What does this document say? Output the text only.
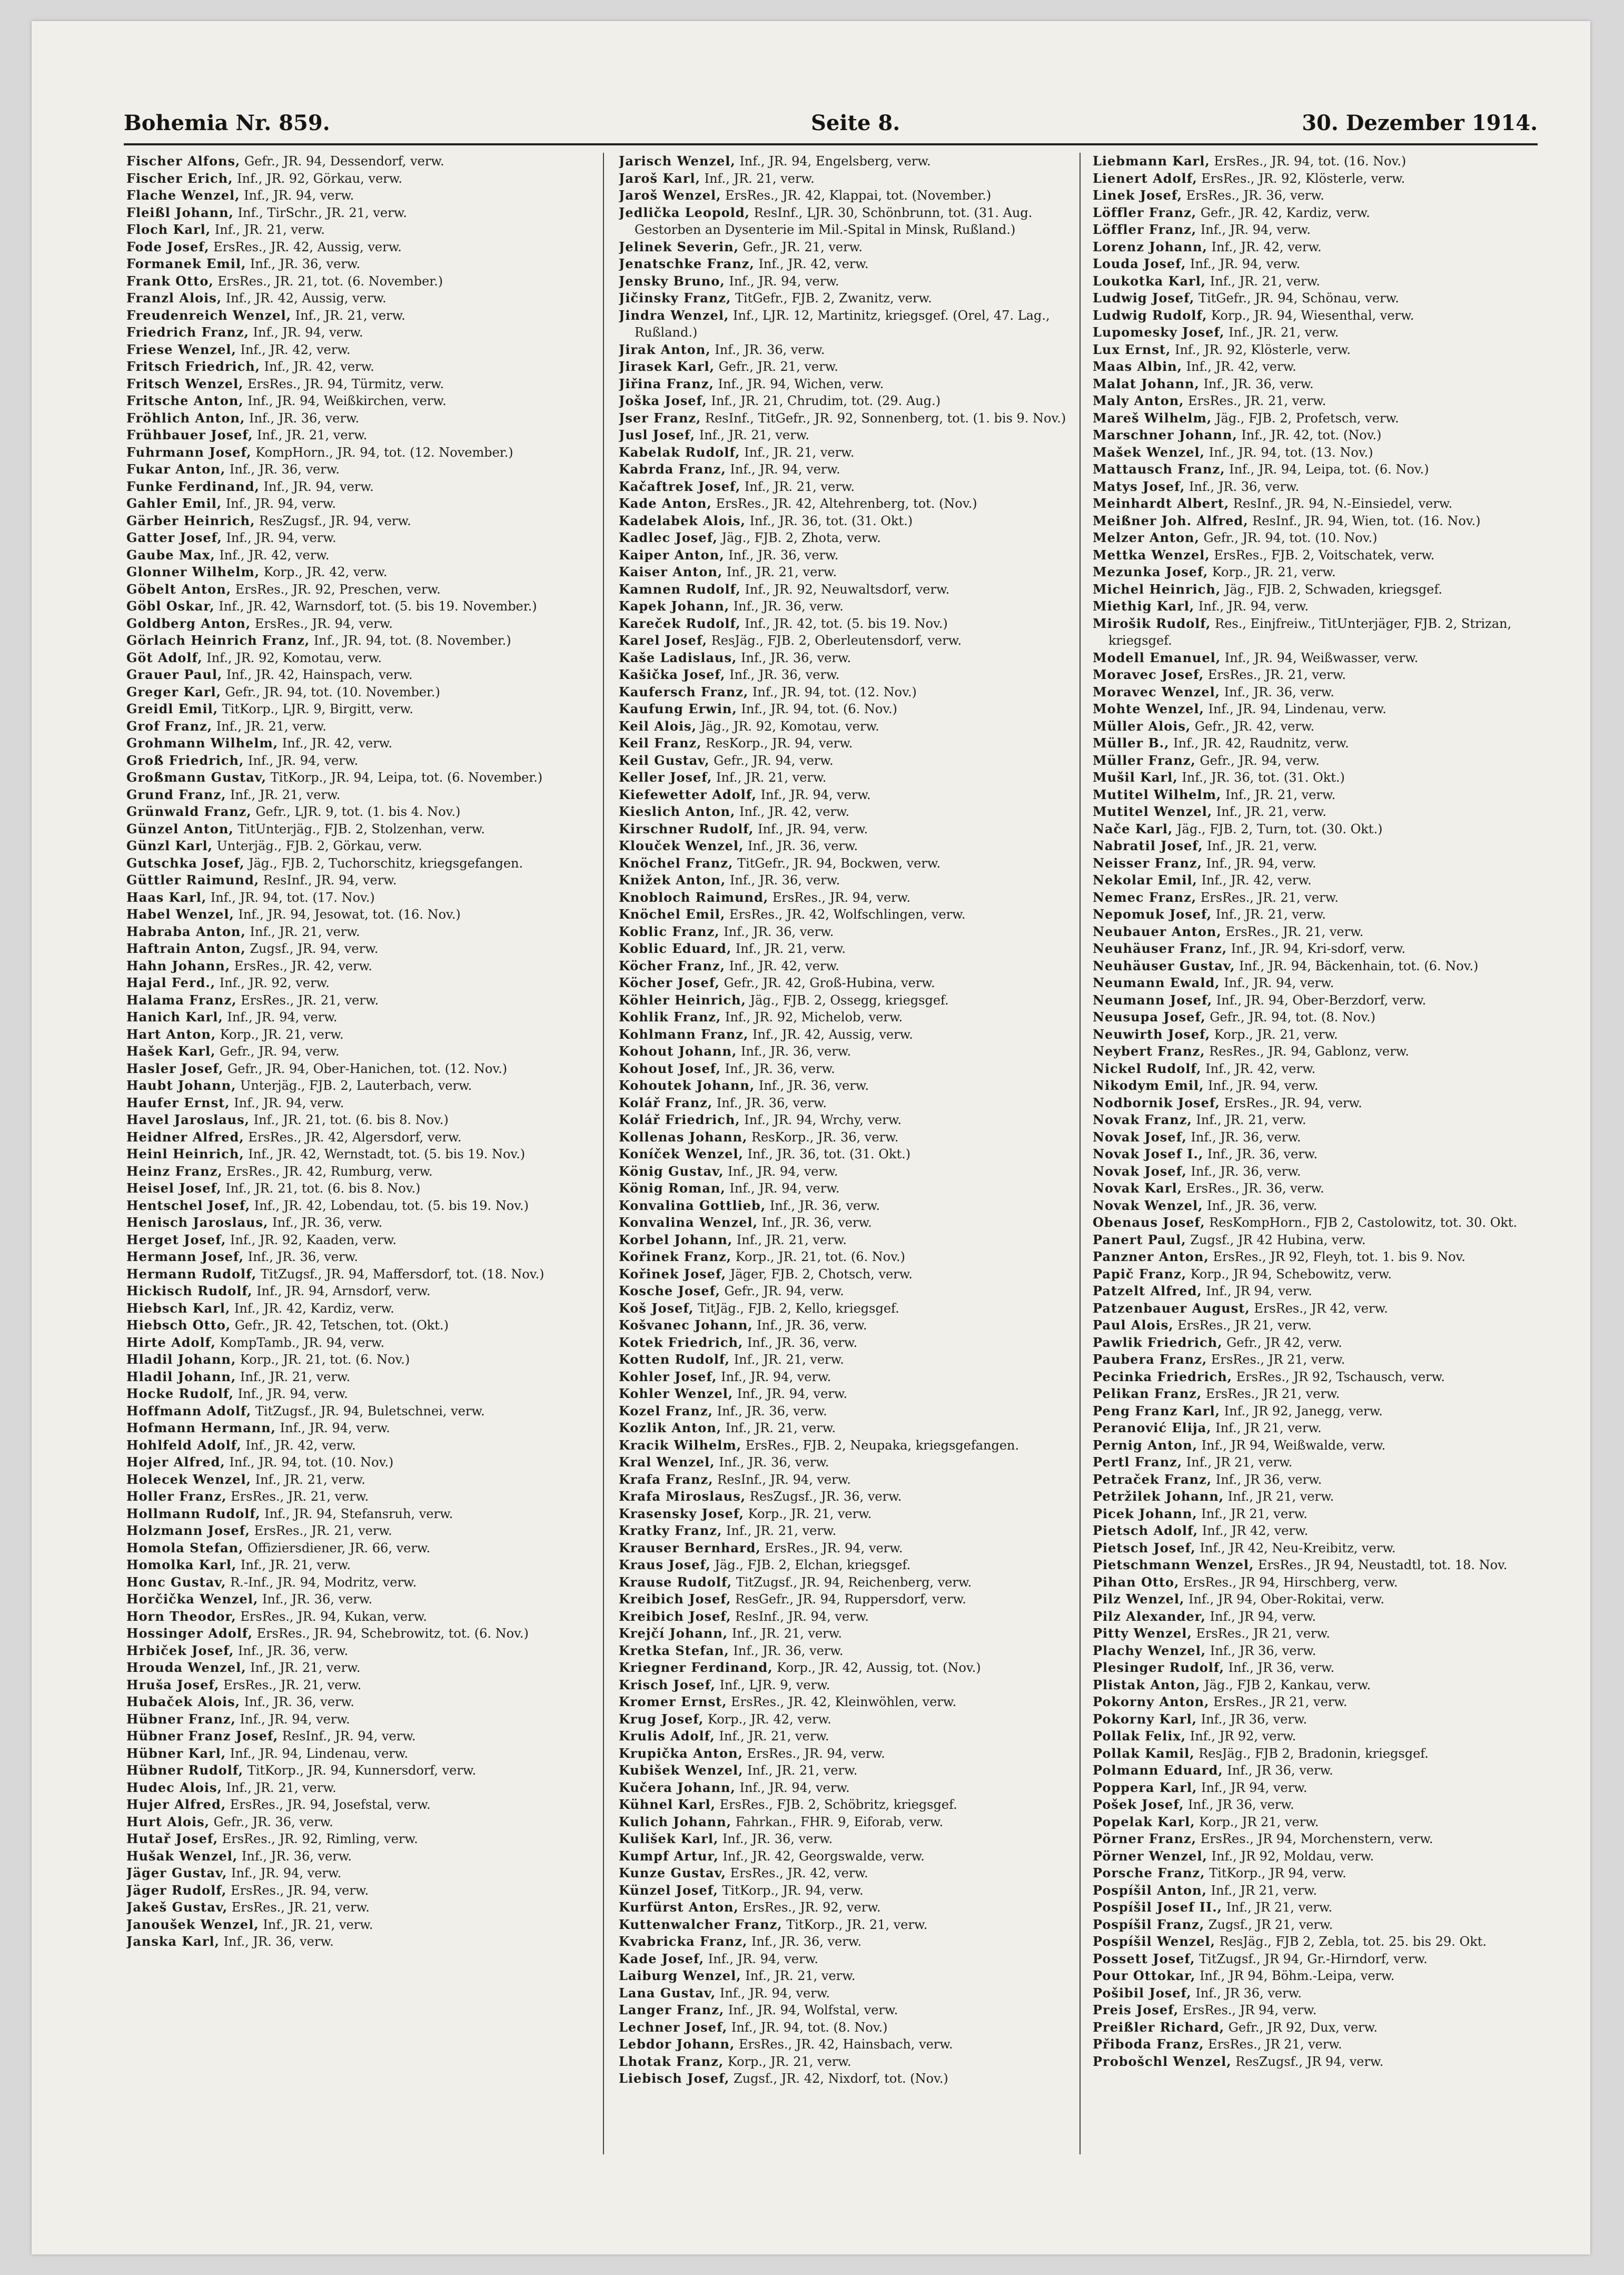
Bohemia Nr. 859.	Seite 8.	30. Dezember 1914.

Fischer Alfons, Gefr., JR. 94, Dessendorf, verw.

Fischer Erich, Inf., JR. 92, Görkau, verw.

Flache Wenzel, Inf., JR. 94, verw.

Fleißl Johann, Inf., TirSchr., JR. 21, verw.

Floch Karl, Inf., JR. 21, verw.

Fode Josef, ErsRes., JR. 42, Aussig, verw.

Formanek Emil, Inf., JR. 36, verw.

Frank Otto, ErsRes., JR. 21, tot. (6. November.)

Franzl Alois, Inf., JR. 42, Aussig, verw.

Freudenreich Wenzel, Inf., JR. 21, verw.

Friedrich Franz, Inf., JR. 94, verw.

Friese Wenzel, Inf., JR. 42, verw.

Fritsch Friedrich, Inf., JR. 42, verw.

Fritsch Wenzel, ErsRes., JR. 94, Türmitz, verw.

Fritsche Anton, Inf., JR. 94, Weißkirchen, verw.

Fröhlich Anton, Inf., JR. 36, verw.

Frühbauer Josef, Inf., JR. 21, verw.

Fuhrmann Josef, KompHorn., JR. 94, tot. (12. November.)

Fukar Anton, Inf., JR. 36, verw.

Funke Ferdinand, Inf., JR. 94, verw.

Gahler Emil, Inf., JR. 94, verw.

Gärber Heinrich, ResZugsf., JR. 94, verw.

Gatter Josef, Inf., JR. 94, verw.

Gaube Max, Inf., JR. 42, verw.

Glonner Wilhelm, Korp., JR. 42, verw.

Göbelt Anton, ErsRes., JR. 92, Preschen, verw.

Göbl Oskar, Inf., JR. 42, Warnsdorf, tot. (5. bis 19. November.)

Goldberg Anton, ErsRes., JR. 94, verw.

Görlach Heinrich Franz, Inf., JR. 94, tot. (8. November.)

Göt Adolf, Inf., JR. 92, Komotau, verw.

Grauer Paul, Inf., JR. 42, Hainspach, verw.

Greger Karl, Gefr., JR. 94, tot. (10. November.)

Greidl Emil, TitKorp., LJR. 9, Birgitt, verw.

Grof Franz, Inf., JR. 21, verw.

Grohmann Wilhelm, Inf., JR. 42, verw.

Groß Friedrich, Inf., JR. 94, verw.

Großmann Gustav, TitKorp., JR. 94, Leipa, tot. (6. November.)

Grund Franz, Inf., JR. 21, verw.

Grünwald Franz, Gefr., LJR. 9, tot. (1. bis 4. Nov.)

Günzel Anton, TitUnterjäg., FJB. 2, Stolzenhan, verw.

Günzl Karl, Unterjäg., FJB. 2, Görkau, verw.

Gutschka Josef, Jäg., FJB. 2, Tuchorschitz, kriegsgefangen.

Güttler Raimund, ResInf., JR. 94, verw.

Haas Karl, Inf., JR. 94, tot. (17. Nov.)

Habel Wenzel, Inf., JR. 94, Jesowat, tot. (16. Nov.)

Habraba Anton, Inf., JR. 21, verw.

Haftrain Anton, Zugsf., JR. 94, verw.

Hahn Johann, ErsRes., JR. 42, verw.

Hajal Ferd., Inf., JR. 92, verw.

Halama Franz, ErsRes., JR. 21, verw.

Hanich Karl, Inf., JR. 94, verw.

Hart Anton, Korp., JR. 21, verw.

Hašek Karl, Gefr., JR. 94, verw.

Hasler Josef, Gefr., JR. 94, Ober-Hanichen, tot. (12. Nov.)

Haubt Johann, Unterjäg., FJB. 2, Lauterbach, verw.

Haufer Ernst, Inf., JR. 94, verw.

Havel Jaroslaus, Inf., JR. 21, tot. (6. bis 8. Nov.)

Heidner Alfred, ErsRes., JR. 42, Algersdorf, verw.

Heinl Heinrich, Inf., JR. 42, Wernstadt, tot. (5. bis 19. Nov.)

Heinz Franz, ErsRes., JR. 42, Rumburg, verw.

Heisel Josef, Inf., JR. 21, tot. (6. bis 8. Nov.)

Hentschel Josef, Inf., JR. 42, Lobendau, tot. (5. bis 19. Nov.)

Henisch Jaroslaus, Inf., JR. 36, verw.

Herget Josef, Inf., JR. 92, Kaaden, verw.

Hermann Josef, Inf., JR. 36, verw.

Hermann Rudolf, TitZugsf., JR. 94, Maffersdorf, tot. (18. Nov.)

Hickisch Rudolf, Inf., JR. 94, Arnsdorf, verw.

Hiebsch Karl, Inf., JR. 42, Kardiz, verw.

Hiebsch Otto, Gefr., JR. 42, Tetschen, tot. (Okt.)

Hirte Adolf, KompTamb., JR. 94, verw.

Hladil Johann, Korp., JR. 21, tot. (6. Nov.)

Hladil Johann, Inf., JR. 21, verw.

Hocke Rudolf, Inf., JR. 94, verw.

Hoffmann Adolf, TitZugsf., JR. 94, Buletschnei, verw.

Hofmann Hermann, Inf., JR. 94, verw.

Hohlfeld Adolf, Inf., JR. 42, verw.

Hojer Alfred, Inf., JR. 94, tot. (10. Nov.)

Holecek Wenzel, Inf., JR. 21, verw.

Holler Franz, ErsRes., JR. 21, verw.

Hollmann Rudolf, Inf., JR. 94, Stefansruh, verw.

Holzmann Josef, ErsRes., JR. 21, verw.

Homola Stefan, Offiziersdiener, JR. 66, verw.

Homolka Karl, Inf., JR. 21, verw.

Honc Gustav, R.-Inf., JR. 94, Modritz, verw.

Horčička Wenzel, Inf., JR. 36, verw.

Horn Theodor, ErsRes., JR. 94, Kukan, verw.

Hossinger Adolf, ErsRes., JR. 94, Schebrowitz, tot. (6. Nov.)

Hrbiček Josef, Inf., JR. 36, verw.

Hrouda Wenzel, Inf., JR. 21, verw.

Hruša Josef, ErsRes., JR. 21, verw.

Hubaček Alois, Inf., JR. 36, verw.

Hübner Franz, Inf., JR. 94, verw.

Hübner Franz Josef, ResInf., JR. 94, verw.

Hübner Karl, Inf., JR. 94, Lindenau, verw.

Hübner Rudolf, TitKorp., JR. 94, Kunnersdorf, verw.

Hudec Alois, Inf., JR. 21, verw.

Hujer Alfred, ErsRes., JR. 94, Josefstal, verw.

Hurt Alois, Gefr., JR. 36, verw.

Hutař Josef, ErsRes., JR. 92, Rimling, verw.

Hušak Wenzel, Inf., JR. 36, verw.

Jäger Gustav, Inf., JR. 94, verw.

Jäger Rudolf, ErsRes., JR. 94, verw.

Jakeš Gustav, ErsRes., JR. 21, verw.

Janoušek Wenzel, Inf., JR. 21, verw.

Janska Karl, Inf., JR. 36, verw.

Jarisch Wenzel, Inf., JR. 94, Engelsberg, verw.

Jaroš Karl, Inf., JR. 21, verw.

Jaroš Wenzel, ErsRes., JR. 42, Klappai, tot. (November.)

Jedlička Leopold, ResInf., LJR. 30, Schönbrunn, tot. (31. Aug. Gestorben an Dysenterie im Mil.-Spital in Minsk, Rußland.)

Jelinek Severin, Gefr., JR. 21, verw.

Jenatschke Franz, Inf., JR. 42, verw.

Jensky Bruno, Inf., JR. 94, verw.

Jičinsky Franz, TitGefr., FJB. 2, Zwanitz, verw.

Jindra Wenzel, Inf., LJR. 12, Martinitz, kriegsgef. (Orel, 47. Lag., Rußland.)

Jirak Anton, Inf., JR. 36, verw.

Jirasek Karl, Gefr., JR. 21, verw.

Jiřina Franz, Inf., JR. 94, Wichen, verw.

Joška Josef, Inf., JR. 21, Chrudim, tot. (29. Aug.)

Jser Franz, ResInf., TitGefr., JR. 92, Sonnenberg, tot. (1. bis 9. Nov.)

Jusl Josef, Inf., JR. 21, verw.

Kabelak Rudolf, Inf., JR. 21, verw.

Kabrda Franz, Inf., JR. 94, verw.

Kačaftrek Josef, Inf., JR. 21, verw.

Kade Anton, ErsRes., JR. 42, Altehrenberg, tot. (Nov.)

Kadelabek Alois, Inf., JR. 36, tot. (31. Okt.)

Kadlec Josef, Jäg., FJB. 2, Zhota, verw.

Kaiper Anton, Inf., JR. 36, verw.

Kaiser Anton, Inf., JR. 21, verw.

Kamnen Rudolf, Inf., JR. 92, Neuwaltsdorf, verw.

Kapek Johann, Inf., JR. 36, verw.

Kareček Rudolf, Inf., JR. 42, tot. (5. bis 19. Nov.)

Karel Josef, ResJäg., FJB. 2, Oberleutensdorf, verw.

Kaše Ladislaus, Inf., JR. 36, verw.

Kašička Josef, Inf., JR. 36, verw.

Kaufersch Franz, Inf., JR. 94, tot. (12. Nov.)

Kaufung Erwin, Inf., JR. 94, tot. (6. Nov.)

Keil Alois, Jäg., JR. 92, Komotau, verw.

Keil Franz, ResKorp., JR. 94, verw.

Keil Gustav, Gefr., JR. 94, verw.

Keller Josef, Inf., JR. 21, verw.

Kiefewetter Adolf, Inf., JR. 94, verw.

Kieslich Anton, Inf., JR. 42, verw.

Kirschner Rudolf, Inf., JR. 94, verw.

Klouček Wenzel, Inf., JR. 36, verw.

Knöchel Franz, TitGefr., JR. 94, Bockwen, verw.

Knižek Anton, Inf., JR. 36, verw.

Knobloch Raimund, ErsRes., JR. 94, verw.

Knöchel Emil, ErsRes., JR. 42, Wolfschlingen, verw.

Koblic Franz, Inf., JR. 36, verw.

Koblic Eduard, Inf., JR. 21, verw.

Köcher Franz, Inf., JR. 42, verw.

Köcher Josef, Gefr., JR. 42, Groß-Hubina, verw.

Köhler Heinrich, Jäg., FJB. 2, Ossegg, kriegsgef.

Kohlik Franz, Inf., JR. 92, Michelob, verw.

Kohlmann Franz, Inf., JR. 42, Aussig, verw.

Kohout Johann, Inf., JR. 36, verw.

Kohout Josef, Inf., JR. 36, verw.

Kohoutek Johann, Inf., JR. 36, verw.

Kolář Franz, Inf., JR. 36, verw.

Kolář Friedrich, Inf., JR. 94, Wrchy, verw.

Kollenas Johann, ResKorp., JR. 36, verw.

Koníček Wenzel, Inf., JR. 36, tot. (31. Okt.)

König Gustav, Inf., JR. 94, verw.

König Roman, Inf., JR. 94, verw.

Konvalina Gottlieb, Inf., JR. 36, verw.

Konvalina Wenzel, Inf., JR. 36, verw.

Korbel Johann, Inf., JR. 21, verw.

Kořinek Franz, Korp., JR. 21, tot. (6. Nov.)

Kořinek Josef, Jäger, FJB. 2, Chotsch, verw.

Kosche Josef, Gefr., JR. 94, verw.

Koš Josef, TitJäg., FJB. 2, Kello, kriegsgef.

Košvanec Johann, Inf., JR. 36, verw.

Kotek Friedrich, Inf., JR. 36, verw.

Kotten Rudolf, Inf., JR. 21, verw.

Kohler Josef, Inf., JR. 94, verw.

Kohler Wenzel, Inf., JR. 94, verw.

Kozel Franz, Inf., JR. 36, verw.

Kozlik Anton, Inf., JR. 21, verw.

Kracik Wilhelm, ErsRes., FJB. 2, Neupaka, kriegsgefangen.

Kral Wenzel, Inf., JR. 36, verw.

Krafa Franz, ResInf., JR. 94, verw.

Krafa Miroslaus, ResZugsf., JR. 36, verw.

Krasensky Josef, Korp., JR. 21, verw.

Kratky Franz, Inf., JR. 21, verw.

Krauser Bernhard, ErsRes., JR. 94, verw.

Kraus Josef, Jäg., FJB. 2, Elchan, kriegsgef.

Krause Rudolf, TitZugsf., JR. 94, Reichenberg, verw.

Kreibich Josef, ResGefr., JR. 94, Ruppersdorf, verw.

Kreibich Josef, ResInf., JR. 94, verw.

Krejčí Johann, Inf., JR. 21, verw.

Kretka Stefan, Inf., JR. 36, verw.

Kriegner Ferdinand, Korp., JR. 42, Aussig, tot. (Nov.)

Krisch Josef, Inf., LJR. 9, verw.

Kromer Ernst, ErsRes., JR. 42, Kleinwöhlen, verw.

Krug Josef, Korp., JR. 42, verw.

Krulis Adolf, Inf., JR. 21, verw.

Krupička Anton, ErsRes., JR. 94, verw.

Kubišek Wenzel, Inf., JR. 21, verw.

Kučera Johann, Inf., JR. 94, verw.

Kühnel Karl, ErsRes., FJB. 2, Schöbritz, kriegsgef.

Kulich Johann, Fahrkan., FHR. 9, Eiforab, verw.

Kulišek Karl, Inf., JR. 36, verw.

Kumpf Artur, Inf., JR. 42, Georgswalde, verw.

Kunze Gustav, ErsRes., JR. 42, verw.

Künzel Josef, TitKorp., JR. 94, verw.

Kurfürst Anton, ErsRes., JR. 92, verw.

Kuttenwalcher Franz, TitKorp., JR. 21, verw.

Kvabricka Franz, Inf., JR. 36, verw.

Kade Josef, Inf., JR. 94, verw.

Laiburg Wenzel, Inf., JR. 21, verw.

Lana Gustav, Inf., JR. 94, verw.

Langer Franz, Inf., JR. 94, Wolfstal, verw.

Lechner Josef, Inf., JR. 94, tot. (8. Nov.)

Lebdor Johann, ErsRes., JR. 42, Hainsbach, verw.

Lhotak Franz, Korp., JR. 21, verw.

Liebisch Josef, Zugsf., JR. 42, Nixdorf, tot. (Nov.)

Liebmann Karl, ErsRes., JR. 94, tot. (16. Nov.)

Lienert Adolf, ErsRes., JR. 92, Klösterle, verw.

Linek Josef, ErsRes., JR. 36, verw.

Löffler Franz, Gefr., JR. 42, Kardiz, verw.

Löffler Franz, Inf., JR. 94, verw.

Lorenz Johann, Inf., JR. 42, verw.

Louda Josef, Inf., JR. 94, verw.

Loukotka Karl, Inf., JR. 21, verw.

Ludwig Josef, TitGefr., JR. 94, Schönau, verw.

Ludwig Rudolf, Korp., JR. 94, Wiesenthal, verw.

Lupomesky Josef, Inf., JR. 21, verw.

Lux Ernst, Inf., JR. 92, Klösterle, verw.

Maas Albin, Inf., JR. 42, verw.

Malat Johann, Inf., JR. 36, verw.

Maly Anton, ErsRes., JR. 21, verw.

Mareš Wilhelm, Jäg., FJB. 2, Profetsch, verw.

Marschner Johann, Inf., JR. 42, tot. (Nov.)

Mašek Wenzel, Inf., JR. 94, tot. (13. Nov.)

Mattausch Franz, Inf., JR. 94, Leipa, tot. (6. Nov.)

Matys Josef, Inf., JR. 36, verw.

Meinhardt Albert, ResInf., JR. 94, N.-Einsiedel, verw.

Meißner Joh. Alfred, ResInf., JR. 94, Wien, tot. (16. Nov.)

Melzer Anton, Gefr., JR. 94, tot. (10. Nov.)

Mettka Wenzel, ErsRes., FJB. 2, Voitschatek, verw.

Mezunka Josef, Korp., JR. 21, verw.

Michel Heinrich, Jäg., FJB. 2, Schwaden, kriegsgef.

Miethig Karl, Inf., JR. 94, verw.

Mirošik Rudolf, Res., Einjfreiw., TitUnterjäger, FJB. 2, Strizan, kriegsgef.

Modell Emanuel, Inf., JR. 94, Weißwasser, verw.

Moravec Josef, ErsRes., JR. 21, verw.

Moravec Wenzel, Inf., JR. 36, verw.

Mohte Wenzel, Inf., JR. 94, Lindenau, verw.

Müller Alois, Gefr., JR. 42, verw.

Müller B., Inf., JR. 42, Raudnitz, verw.

Müller Franz, Gefr., JR. 94, verw.

Mušil Karl, Inf., JR. 36, tot. (31. Okt.)

Mutitel Wilhelm, Inf., JR. 21, verw.

Mutitel Wenzel, Inf., JR. 21, verw.

Nače Karl, Jäg., FJB. 2, Turn, tot. (30. Okt.)

Nabratil Josef, Inf., JR. 21, verw.

Neisser Franz, Inf., JR. 94, verw.

Nekolar Emil, Inf., JR. 42, verw.

Nemec Franz, ErsRes., JR. 21, verw.

Nepomuk Josef, Inf., JR. 21, verw.

Neubauer Anton, ErsRes., JR. 21, verw.

Neuhäuser Franz, Inf., JR. 94, Kri-sdorf, verw.

Neuhäuser Gustav, Inf., JR. 94, Bäckenhain, tot. (6. Nov.)

Neumann Ewald, Inf., JR. 94, verw.

Neumann Josef, Inf., JR. 94, Ober-Berzdorf, verw.

Neusupa Josef, Gefr., JR. 94, tot. (8. Nov.)

Neuwirth Josef, Korp., JR. 21, verw.

Neybert Franz, ResRes., JR. 94, Gablonz, verw.

Nickel Rudolf, Inf., JR. 42, verw.

Nikodym Emil, Inf., JR. 94, verw.

Nodbornik Josef, ErsRes., JR. 94, verw.

Novak Franz, Inf., JR. 21, verw.

Novak Josef, Inf., JR. 36, verw.

Novak Josef I., Inf., JR. 36, verw.

Novak Josef, Inf., JR. 36, verw.

Novak Karl, ErsRes., JR. 36, verw.

Novak Wenzel, Inf., JR. 36, verw.

Obenaus Josef, ResKompHorn., FJB 2, Castolowitz, tot. 30. Okt.

Panert Paul, Zugsf., JR 42 Hubina, verw.

Panzner Anton, ErsRes., JR 92, Fleyh, tot. 1. bis 9. Nov.

Papič Franz, Korp., JR 94, Schebowitz, verw.

Patzelt Alfred, Inf., JR 94, verw.

Patzenbauer August, ErsRes., JR 42, verw.

Paul Alois, ErsRes., JR 21, verw.

Pawlik Friedrich, Gefr., JR 42, verw.

Paubera Franz, ErsRes., JR 21, verw.

Pecinka Friedrich, ErsRes., JR 92, Tschausch, verw.

Pelikan Franz, ErsRes., JR 21, verw.

Peng Franz Karl, Inf., JR 92, Janegg, verw.

Peranović Elija, Inf., JR 21, verw.

Pernig Anton, Inf., JR 94, Weißwalde, verw.

Pertl Franz, Inf., JR 21, verw.

Petraček Franz, Inf., JR 36, verw.

Petržilek Johann, Inf., JR 21, verw.

Picek Johann, Inf., JR 21, verw.

Pietsch Adolf, Inf., JR 42, verw.

Pietsch Josef, Inf., JR 42, Neu-Kreibitz, verw.

Pietschmann Wenzel, ErsRes., JR 94, Neustadtl, tot. 18. Nov.

Pihan Otto, ErsRes., JR 94, Hirschberg, verw.

Pilz Wenzel, Inf., JR 94, Ober-Rokitai, verw.

Pilz Alexander, Inf., JR 94, verw.

Pitty Wenzel, ErsRes., JR 21, verw.

Plachy Wenzel, Inf., JR 36, verw.

Plesinger Rudolf, Inf., JR 36, verw.

Plistak Anton, Jäg., FJB 2, Kankau, verw.

Pokorny Anton, ErsRes., JR 21, verw.

Pokorny Karl, Inf., JR 36, verw.

Pollak Felix, Inf., JR 92, verw.

Pollak Kamil, ResJäg., FJB 2, Bradonin, kriegsgef.

Polmann Eduard, Inf., JR 36, verw.

Poppera Karl, Inf., JR 94, verw.

Pošek Josef, Inf., JR 36, verw.

Popelak Karl, Korp., JR 21, verw.

Pörner Franz, ErsRes., JR 94, Morchenstern, verw.

Pörner Wenzel, Inf., JR 92, Moldau, verw.

Porsche Franz, TitKorp., JR 94, verw.

Pospíšil Anton, Inf., JR 21, verw.

Pospíšil Josef II., Inf., JR 21, verw.

Pospíšil Franz, Zugsf., JR 21, verw.

Pospíšil Wenzel, ResJäg., FJB 2, Zebla, tot. 25. bis 29. Okt.

Possett Josef, TitZugsf., JR 94, Gr.-Hirndorf, verw.

Pour Ottokar, Inf., JR 94, Böhm.-Leipa, verw.

Pošibil Josef, Inf., JR 36, verw.

Preis Josef, ErsRes., JR 94, verw.

Preißler Richard, Gefr., JR 92, Dux, verw.

Přiboda Franz, ErsRes., JR 21, verw.

Probošchl Wenzel, ResZugsf., JR 94, verw.
